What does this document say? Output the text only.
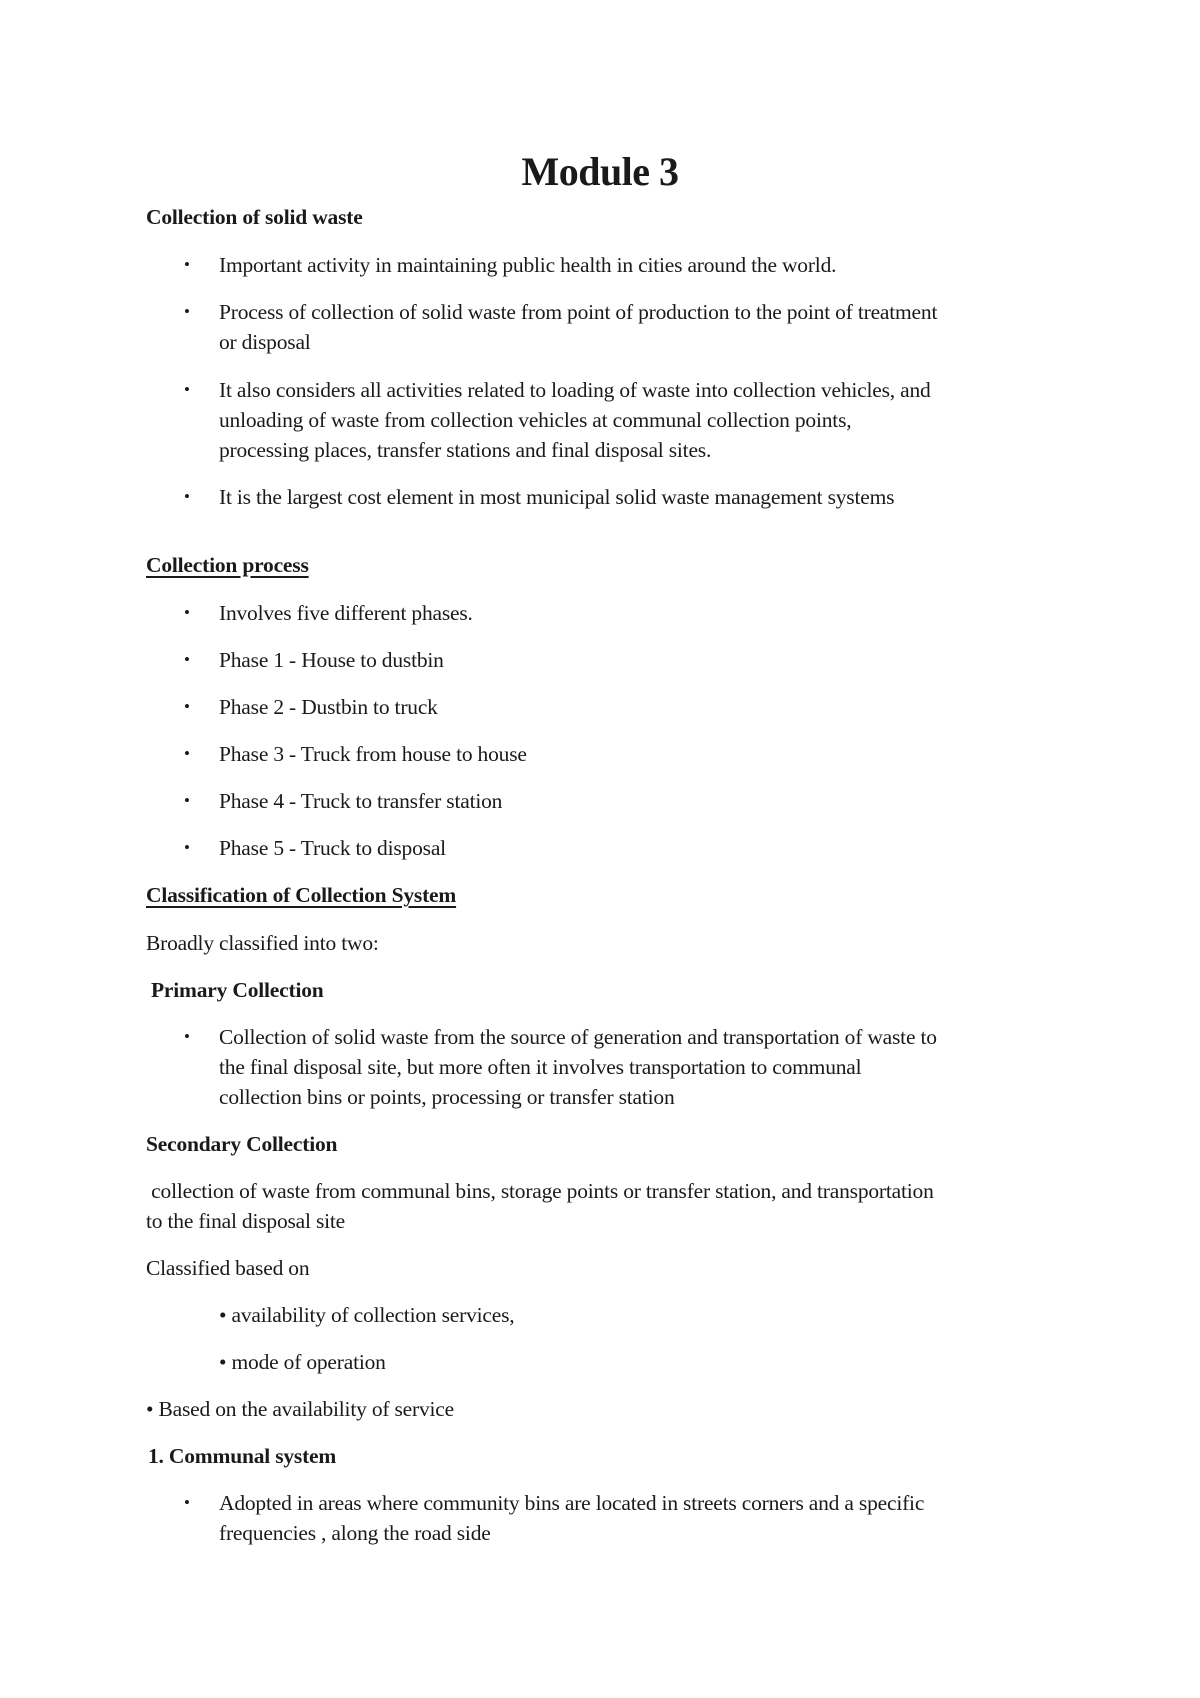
Module 3
Collection of solid waste
• Important activity in maintaining public health in cities around the world.
• Process of collection of solid waste from point of production to the point of treatment
or disposal
• It also considers all activities related to loading of waste into collection vehicles, and
unloading of waste from collection vehicles at communal collection points,
processing places, transfer stations and final disposal sites.
• It is the largest cost element in most municipal solid waste management systems
Collection process
• Involves five different phases.
• Phase 1 - House to dustbin
• Phase 2 - Dustbin to truck
• Phase 3 - Truck from house to house
• Phase 4 - Truck to transfer station
• Phase 5 - Truck to disposal
Classification of Collection System
Broadly classified into two:
Primary Collection
• Collection of solid waste from the source of generation and transportation of waste to
the final disposal site, but more often it involves transportation to communal
collection bins or points, processing or transfer station
Secondary Collection
collection of waste from communal bins, storage points or transfer station, and transportation
to the final disposal site
Classified based on
• availability of collection services,
• mode of operation
• Based on the availability of service
1. Communal system
• Adopted in areas where community bins are located in streets corners and a specific
frequencies , along the road side
